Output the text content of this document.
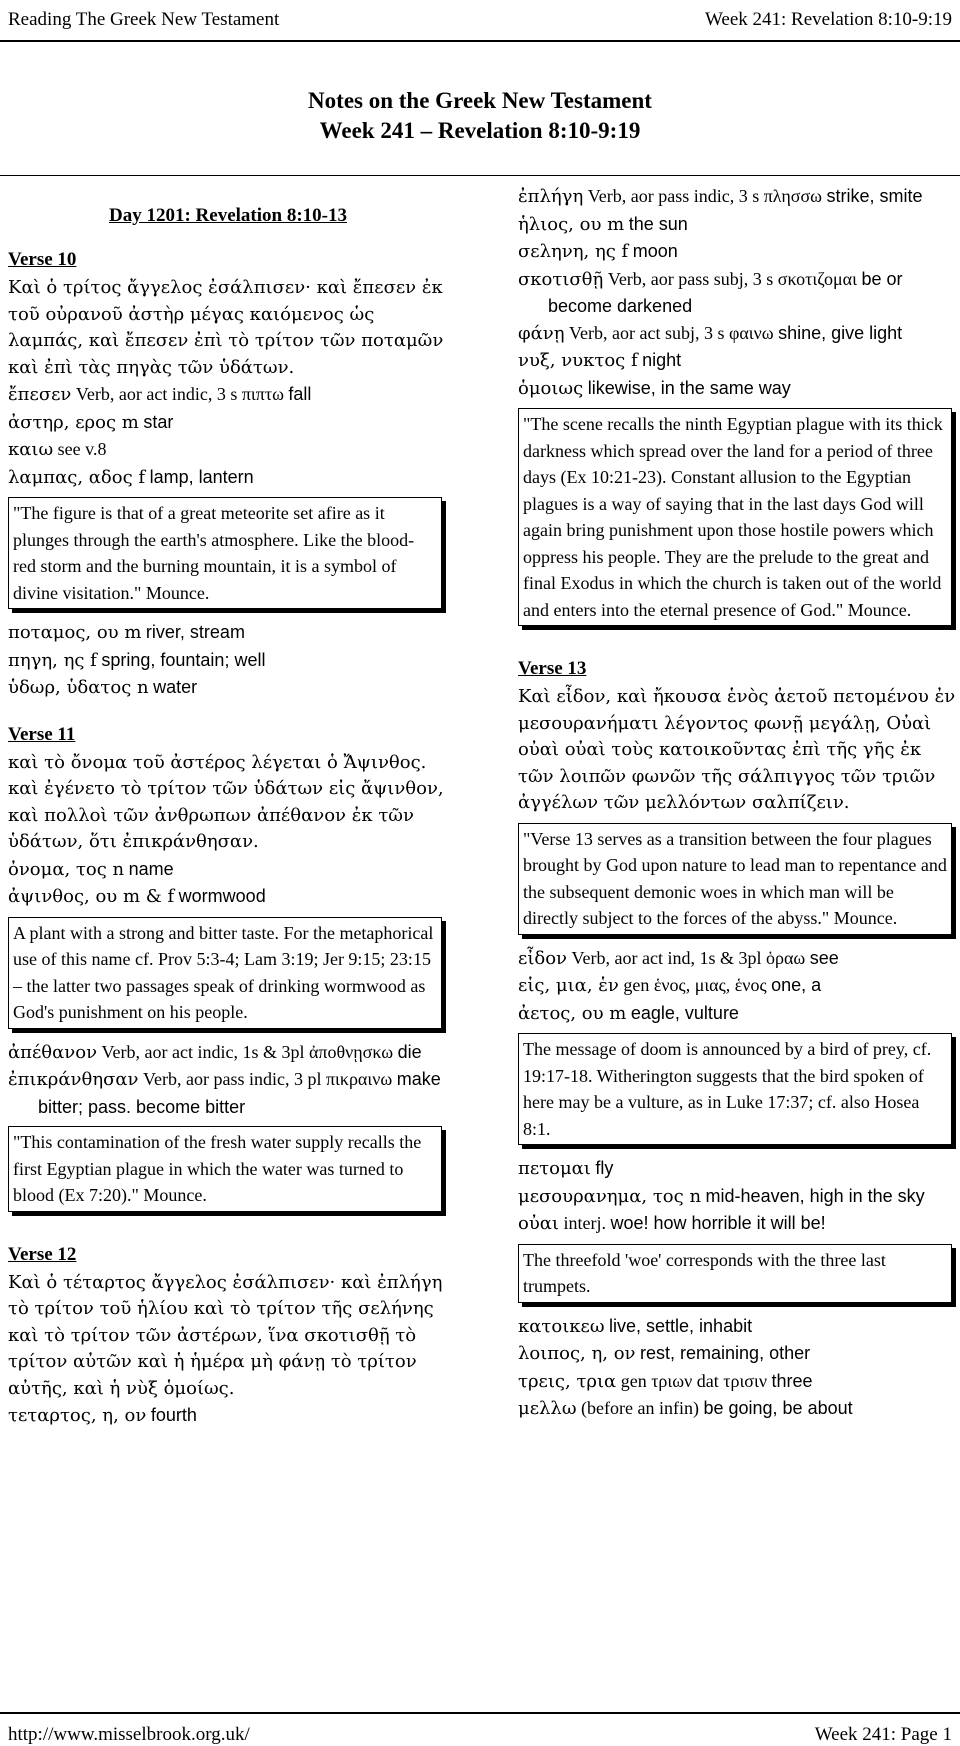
Reading The Greek New Testament	Week 241: Revelation 8:10-9:19
Notes on the Greek New Testament
Week 241 – Revelation 8:10-9:19
Day 1201: Revelation 8:10-13
Verse 10
Καὶ ὁ τρίτος ἄγγελος ἐσάλπισεν· καὶ ἔπεσεν ἐκ τοῦ οὐρανοῦ ἀστὴρ μέγας καιόμενος ὡς λαμπάς, καὶ ἔπεσεν ἐπὶ τὸ τρίτον τῶν ποταμῶν καὶ ἐπὶ τὰς πηγὰς τῶν ὑδάτων.
ἔπεσεν Verb, aor act indic, 3 s πιπτω fall
ἀστηρ, ερος m star
καιω see v.8
λαμπας, αδος f lamp, lantern
"The figure is that of a great meteorite set afire as it plunges through the earth's atmosphere. Like the blood-red storm and the burning mountain, it is a symbol of divine visitation." Mounce.
ποταμος, ου m river, stream
πηγη, ης f spring, fountain; well
ὑδωρ, ὑδατος n water
Verse 11
καὶ τὸ ὄνομα τοῦ ἀστέρος λέγεται ὁ Ἄψινθος. καὶ ἐγένετο τὸ τρίτον τῶν ὑδάτων εἰς ἄψινθον, καὶ πολλοὶ τῶν ἀνθρωπων ἀπέθανον ἐκ τῶν ὑδάτων, ὅτι ἐπικράνθησαν.
ὀνομα, τος n name
ἀψινθος, ου m & f wormwood
A plant with a strong and bitter taste. For the metaphorical use of this name cf. Prov 5:3-4; Lam 3:19; Jer 9:15; 23:15 – the latter two passages speak of drinking wormwood as God's punishment on his people.
ἀπέθανον Verb, aor act indic, 1s & 3pl ἀποθνῃσκω die
ἐπικράνθησαν Verb, aor pass indic, 3 pl πικραινω make bitter; pass. become bitter
"This contamination of the fresh water supply recalls the first Egyptian plague in which the water was turned to blood (Ex 7:20)." Mounce.
Verse 12
Καὶ ὁ τέταρτος ἄγγελος ἐσάλπισεν· καὶ ἐπλήγη τὸ τρίτον τοῦ ἡλίου καὶ τὸ τρίτον τῆς σελήνης καὶ τὸ τρίτον τῶν ἀστέρων, ἵνα σκοτισθῇ τὸ τρίτον αὐτῶν καὶ ἡ ἡμέρα μὴ φάνῃ τὸ τρίτον αὐτῆς, καὶ ἡ νὺξ ὁμοίως.
τεταρτος, η, ον fourth
ἐπλήγη Verb, aor pass indic, 3 s πλησσω strike, smite
ἡλιος, ου m the sun
σεληνη, ης f moon
σκοτισθῇ Verb, aor pass subj, 3 s σκοτιζομαι be or become darkened
φάνῃ Verb, aor act subj, 3 s φαινω shine, give light
νυξ, νυκτος f night
ὁμοιως likewise, in the same way
"The scene recalls the ninth Egyptian plague with its thick darkness which spread over the land for a period of three days (Ex 10:21-23). Constant allusion to the Egyptian plagues is a way of saying that in the last days God will again bring punishment upon those hostile powers which oppress his people. They are the prelude to the great and final Exodus in which the church is taken out of the world and enters into the eternal presence of God." Mounce.
Verse 13
Καὶ εἶδον, καὶ ἤκουσα ἑνὸς ἀετοῦ πετομένου ἐν μεσουρανήματι λέγοντος φωνῇ μεγάλῃ, Οὐαὶ οὐαὶ οὐαὶ τοὺς κατοικοῦντας ἐπὶ τῆς γῆς ἐκ τῶν λοιπῶν φωνῶν τῆς σάλπιγγος τῶν τριῶν ἀγγέλων τῶν μελλόντων σαλπίζειν.
"Verse 13 serves as a transition between the four plagues brought by God upon nature to lead man to repentance and the subsequent demonic woes in which man will be directly subject to the forces of the abyss." Mounce.
εἶδον Verb, aor act ind, 1s & 3pl ὁραω see
εἱς, μια, ἑν gen ἑνος, μιας, ἑνος one, a
ἀετος, ου m eagle, vulture
The message of doom is announced by a bird of prey, cf. 19:17-18. Witherington suggests that the bird spoken of here may be a vulture, as in Luke 17:37; cf. also Hosea 8:1.
πετομαι fly
μεσουρανημα, τος n mid-heaven, high in the sky
οὐαι interj. woe! how horrible it will be!
The threefold 'woe' corresponds with the three last trumpets.
κατοικεω live, settle, inhabit
λοιπος, η, ον rest, remaining, other
τρεις, τρια gen τριων dat τρισιν three
μελλω (before an infin) be going, be about
http://www.misselbrook.org.uk/	Week 241: Page 1
